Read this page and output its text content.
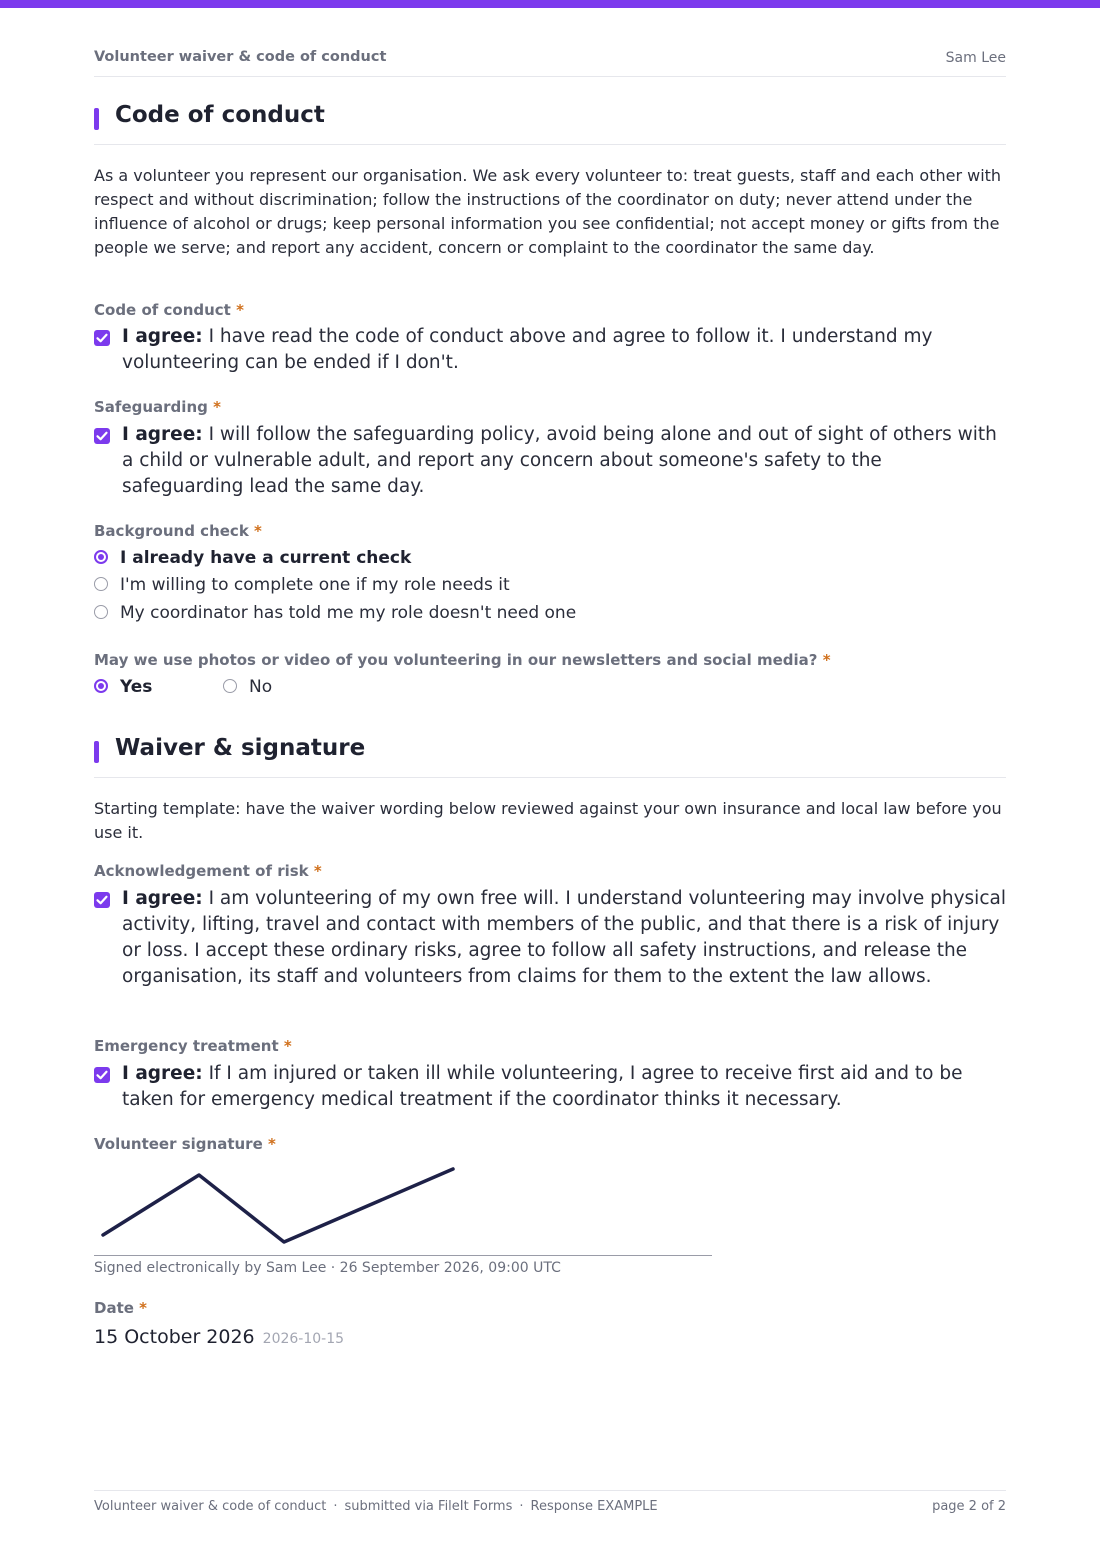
Volunteer waiver & code of conduct	Sam Lee
Code of conduct
As a volunteer you represent our organisation. We ask every volunteer to: treat guests, staff and each other with respect and without discrimination; follow the instructions of the coordinator on duty; never attend under the influence of alcohol or drugs; keep personal information you see confidential; not accept money or gifts from the people we serve; and report any accident, concern or complaint to the coordinator the same day.
Code of conduct *
I agree: I have read the code of conduct above and agree to follow it. I understand my volunteering can be ended if I don't.
Safeguarding *
I agree: I will follow the safeguarding policy, avoid being alone and out of sight of others with a child or vulnerable adult, and report any concern about someone's safety to the safeguarding lead the same day.
Background check *
I already have a current check
I'm willing to complete one if my role needs it
My coordinator has told me my role doesn't need one
May we use photos or video of you volunteering in our newsletters and social media? *
Yes	No
Waiver & signature
Starting template: have the waiver wording below reviewed against your own insurance and local law before you use it.
Acknowledgement of risk *
I agree: I am volunteering of my own free will. I understand volunteering may involve physical activity, lifting, travel and contact with members of the public, and that there is a risk of injury or loss. I accept these ordinary risks, agree to follow all safety instructions, and release the organisation, its staff and volunteers from claims for them to the extent the law allows.
Emergency treatment *
I agree: If I am injured or taken ill while volunteering, I agree to receive first aid and to be taken for emergency medical treatment if the coordinator thinks it necessary.
Volunteer signature *
Signed electronically by Sam Lee · 26 September 2026, 09:00 UTC
Date *
15 October 2026 2026-10-15
Volunteer waiver & code of conduct · submitted via FileIt Forms · Response EXAMPLE	page 2 of 2
